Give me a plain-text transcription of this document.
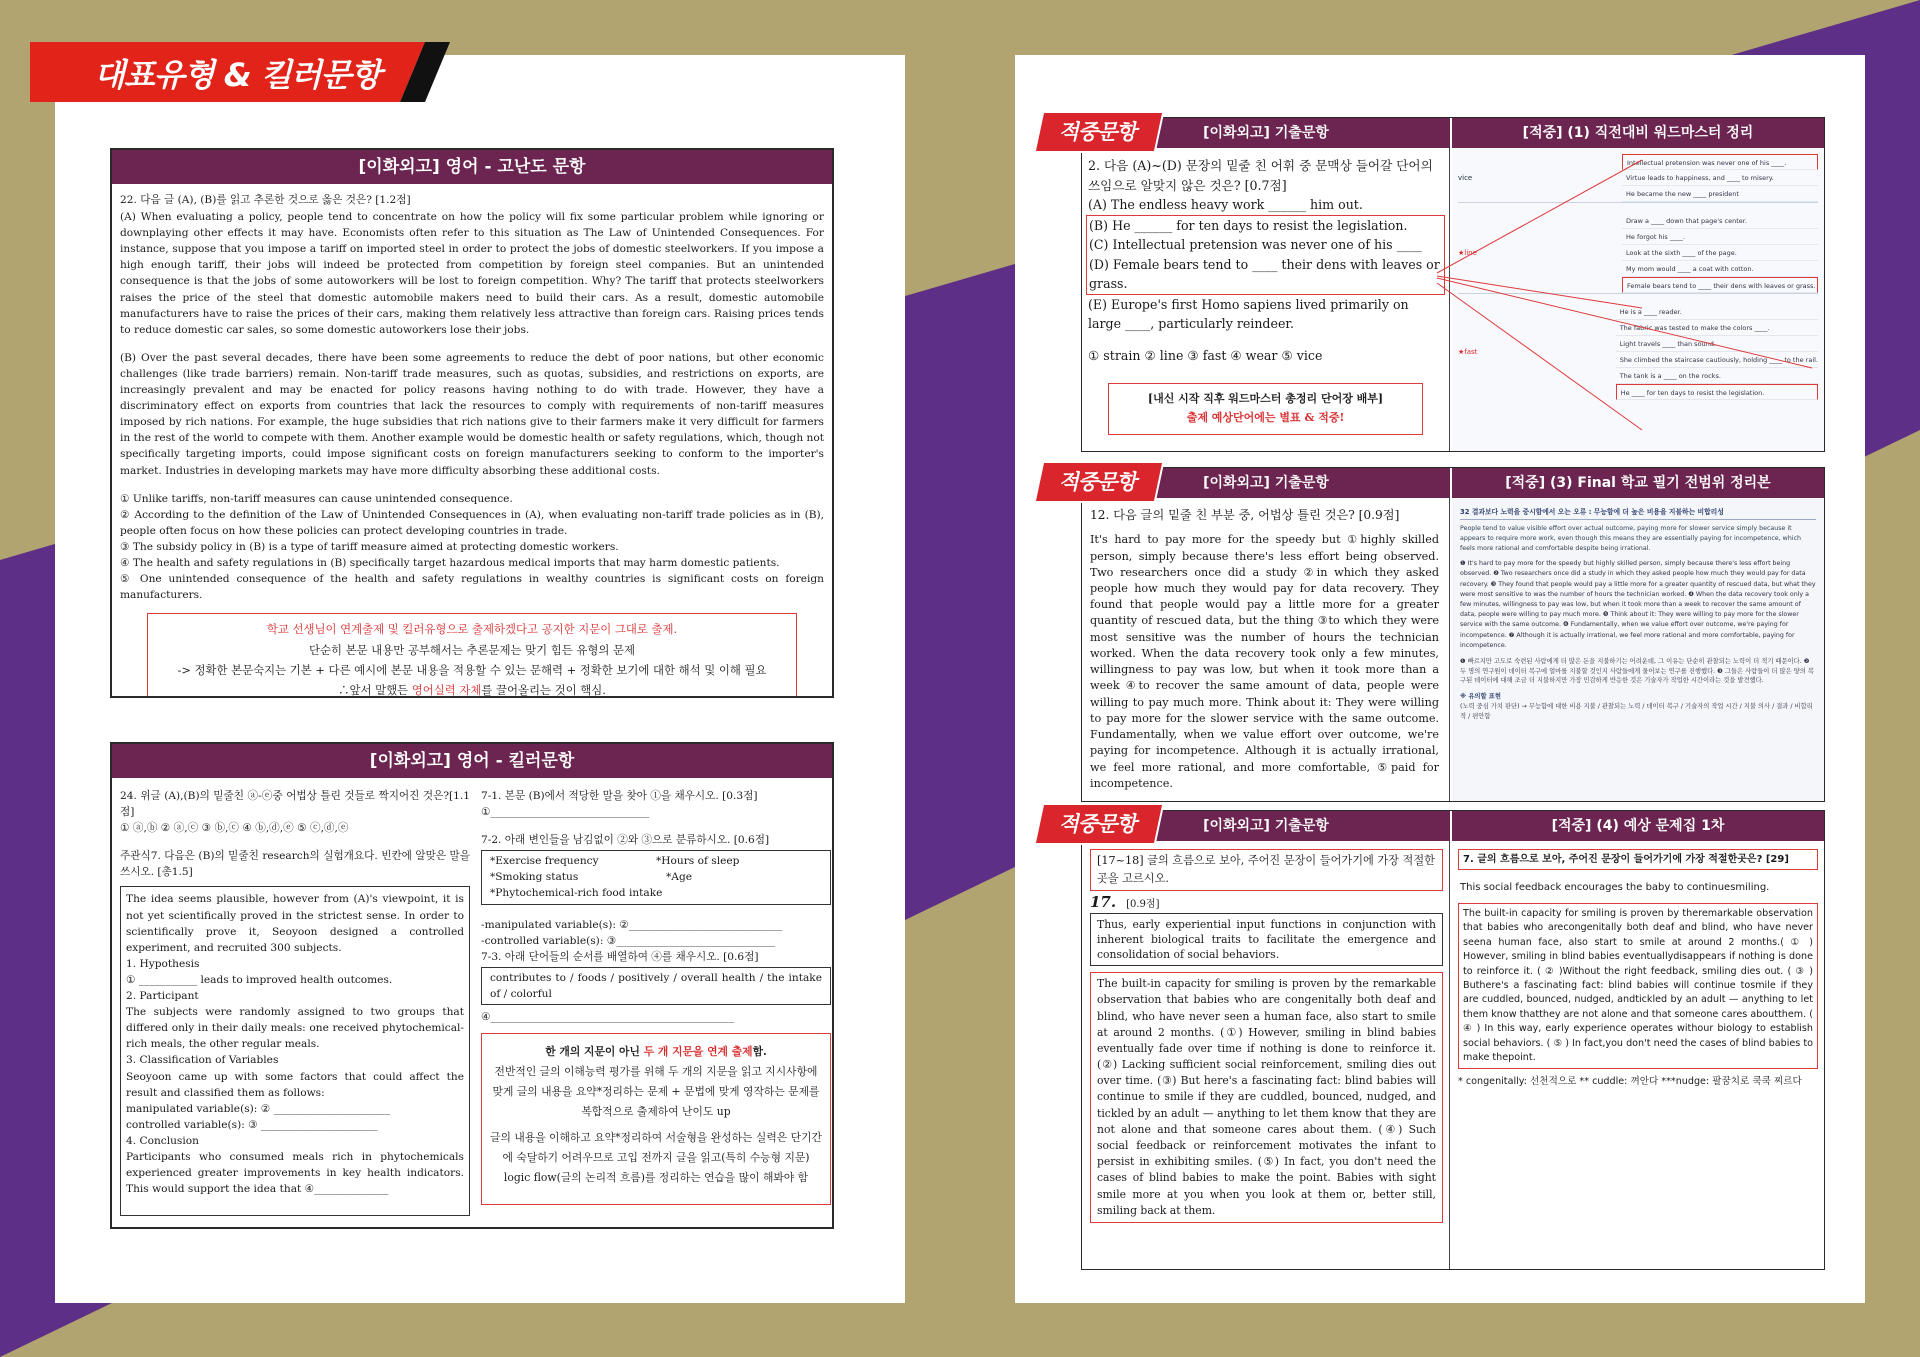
[이화외고] 영어 - 고난도 문항
22. 다음 글 (A), (B)를 읽고 추론한 것으로 옳은 것은? [1.2점]
(A) When evaluating a policy, people tend to concentrate on how the policy will fix some particular problem while ignoring or downplaying other effects it may have. Economists often refer to this situation as The Law of Unintended Consequences. For instance, suppose that you impose a tariff on imported steel in order to protect the jobs of domestic steelworkers. If you impose a high enough tariff, their jobs will indeed be protected from competition by foreign steel companies. But an unintended consequence is that the jobs of some autoworkers will be lost to foreign competition. Why? The tariff that protects steelworkers raises the price of the steel that domestic automobile makers need to build their cars. As a result, domestic automobile manufacturers have to raise the prices of their cars, making them relatively less attractive than foreign cars. Raising prices tends to reduce domestic car sales, so some domestic autoworkers lose their jobs.
(B) Over the past several decades, there have been some agreements to reduce the debt of poor nations, but other economic challenges (like trade barriers) remain. Non-tariff trade measures, such as quotas, subsidies, and restrictions on exports, are increasingly prevalent and may be enacted for policy reasons having nothing to do with trade. However, they have a discriminatory effect on exports from countries that lack the resources to comply with requirements of non-tariff measures imposed by rich nations. For example, the huge subsidies that rich nations give to their farmers make it very difficult for farmers in the rest of the world to compete with them. Another example would be domestic health or safety regulations, which, though not specifically targeting imports, could impose significant costs on foreign manufacturers seeking to conform to the importer's market. Industries in developing markets may have more difficulty absorbing these additional costs.
① Unlike tariffs, non-tariff measures can cause unintended consequence.
② According to the definition of the Law of Unintended Consequences in (A), when evaluating non-tariff trade policies as in (B), people often focus on how these policies can protect developing countries in trade.
③ The subsidy policy in (B) is a type of tariff measure aimed at protecting domestic workers.
④ The health and safety regulations in (B) specifically target hazardous medical imports that may harm domestic patients.
⑤ One unintended consequence of the health and safety regulations in wealthy countries is significant costs on foreign manufacturers.
학교 선생님이 연계출제 및 킬러유형으로 출제하겠다고 공지한 지문이 그대로 출제.
단순히 본문 내용만 공부해서는 추론문제는 맞기 힘든 유형의 문제
-> 정확한 본문숙지는 기본 + 다른 예시에 본문 내용을 적용할 수 있는 문해력 + 정확한 보기에 대한 해석 및 이해 필요
∴앞서 말했든 영어실력 자체를 끌어올리는 것이 핵심.
[이화외고] 영어 - 킬러문항
24. 위글 (A),(B)의 밑줄친 ⓐ-ⓔ중 어법상 틀린 것들로 짝지어진 것은?[1.1점]
① ⓐ,ⓑ ② ⓐ,ⓒ ③ ⓑ,ⓒ ④ ⓑ,ⓓ,ⓔ ⑤ ⓒ,ⓓ,ⓔ
주관식7. 다음은 (B)의 밑줄친 research의 실험개요다. 빈칸에 알맞은 말을 쓰시오. [총1.5]
The idea seems plausible, however from (A)'s viewpoint, it is not yet scientifically proved in the strictest sense. In order to scientifically prove it, Seoyoon designed a controlled experiment, and recruited 300 subjects.
1. Hypothesis
① ___________ leads to improved health outcomes.
2. Participant
The subjects were randomly assigned to two groups that differed only in their daily meals: one received phytochemical-rich meals, the other regular meals.
3. Classification of Variables
Seoyoon came up with some factors that could affect the result and classified them as follows:
manipulated variable(s): ② ______________________
controlled variable(s): ③ ______________________
4. Conclusion
Participants who consumed meals rich in phytochemicals experienced greater improvements in key health indicators. This would support the idea that ④______________
7-1. 본문 (B)에서 적당한 말을 찾아 ①을 채우시오. [0.3점]
①______________________________
7-2. 아래 변인들을 남김없이 ②와 ③으로 분류하시오. [0.6점]
*Exercise frequency	*Hours of sleep
*Smoking status	*Age
*Phytochemical-rich food intake
-manipulated variable(s): ②_____________________________
-controlled variable(s): ③______________________________
7-3. 아래 단어들의 순서를 배열하여 ④를 채우시오. [0.6점]
contributes to / foods / positively / overall health / the intake of / colorful
④______________________________________________
한 개의 지문이 아닌 두 개 지문을 연계 출제함.
전반적인 글의 이해능력 평가를 위해 두 개의 지문을 읽고 지시사항에 맞게 글의 내용을 요약*정리하는 문제 + 문법에 맞게 영작하는 문제를 복합적으로 출제하여 난이도 up
글의 내용을 이해하고 요약*정리하여 서술형을 완성하는 실력은 단기간에 숙달하기 어려우므로 고입 전까지 글을 읽고(특히 수능형 지문) logic flow(글의 논리적 흐름)를 정리하는 연습을 많이 해봐야 함
대표유형 & 킬러문항
[이화외고] 기출문항	[적중] (1) 직전대비 워드마스터 정리
2. 다음 (A)~(D) 문장의 밑줄 친 어휘 중 문맥상 들어갈 단어의 쓰임으로 알맞지 않은 것은? [0.7점]
(A) The endless heavy work ______ him out.
(B) He ______ for ten days to resist the legislation.
(C) Intellectual pretension was never one of his ____
(D) Female bears tend to ____ their dens with leaves or grass.
(E) Europe's first Homo sapiens lived primarily on large ____, particularly reindeer.
① strain ② line ③ fast ④ wear ⑤ vice
[내신 시작 직후 워드마스터 총정리 단어장 배부]
출제 예상단어에는 별표 & 적중!
vice
Intellectual pretension was never one of his ____.
Virtue leads to happiness, and ____ to misery.
He became the new ____ president
★line
Draw a ____ down that page's center.
He forgot his ____.
Look at the sixth ____ of the page.
My mom would ____ a coat with cotton.
Female bears tend to ____ their dens with leaves or grass.
★fast
He is a ____ reader.
The fabric was tested to make the colors ____.
Light travels ____ than sound.
She climbed the staircase cautiously, holding ____ to the rail.
The tank is a ____ on the rocks.
He ____ for ten days to resist the legislation.
적중문항
[이화외고] 기출문항	[적중] (3) Final 학교 필기 전범위 정리본
12. 다음 글의 밑줄 친 부분 중, 어법상 틀린 것은? [0.9점]
It's hard to pay more for the speedy but ①highly skilled person, simply because there's less effort being observed. Two researchers once did a study ②in which they asked people how much they would pay for data recovery. They found that people would pay a little more for a greater quantity of rescued data, but the thing ③to which they were most sensitive was the number of hours the technician worked. When the data recovery took only a few minutes, willingness to pay was low, but when it took more than a week ④to recover the same amount of data, people were willing to pay much more. Think about it: They were willing to pay more for the slower service with the same outcome. Fundamentally, when we value effort over outcome, we're paying for incompetence. Although it is actually irrational, we feel more rational, and more comfortable, ⑤paid for incompetence.
32 결과보다 노력을 중시함에서 오는 오류 : 무능함에 더 높은 비용을 지불하는 비합리성
People tend to value visible effort over actual outcome, paying more for slower service simply because it appears to require more work, even though this means they are essentially paying for incompetence, which feels more rational and comfortable despite being irrational.
❶ It's hard to pay more for the speedy but highly skilled person, simply because there's less effort being observed. ❷ Two researchers once did a study in which they asked people how much they would pay for data recovery. ❸ They found that people would pay a little more for a greater quantity of rescued data, but what they were most sensitive to was the number of hours the technician worked. ❹ When the data recovery took only a few minutes, willingness to pay was low, but when it took more than a week to recover the same amount of data, people were willing to pay much more. ❺ Think about it: They were willing to pay more for the slower service with the same outcome. ❻ Fundamentally, when we value effort over outcome, we're paying for incompetence. ❼ Although it is actually irrational, we feel more rational and more comfortable, paying for incompetence.
❶ 빠르지만 고도로 숙련된 사람에게 더 많은 돈을 지불하기는 어려운데, 그 이유는 단순히 관찰되는 노력이 더 적기 때문이다. ❷ 두 명의 연구원이 데이터 복구에 얼마를 지불할 것인지 사람들에게 물어보는 연구를 진행했다. ❸ 그들은 사람들이 더 많은 양의 복구된 데이터에 대해 조금 더 지불하지만 가장 민감하게 반응한 것은 기술자가 작업한 시간이라는 것을 발견했다.
※ 유의할 표현
(노력 중심 가치 판단) → 무능함에 대한 비용 지불 / 관찰되는 노력 / 데이터 복구 / 기술자의 작업 시간 / 지불 의사 / 결과 / 비합리적 / 편안함
적중문항
[이화외고] 기출문항	[적중] (4) 예상 문제집 1차
[17~18] 글의 흐름으로 보아, 주어진 문장이 들어가기에 가장 적절한 곳을 고르시오.
17. [0.9점]
Thus, early experiential input functions in conjunction with inherent biological traits to facilitate the emergence and consolidation of social behaviors.
The built-in capacity for smiling is proven by the remarkable observation that babies who are congenitally both deaf and blind, who have never seen a human face, also start to smile at around 2 months. (①) However, smiling in blind babies eventually fade over time if nothing is done to reinforce it. (②) Lacking sufficient social reinforcement, smiling dies out over time. (③) But here's a fascinating fact: blind babies will continue to smile if they are cuddled, bounced, nudged, and tickled by an adult — anything to let them know that they are not alone and that someone cares about them. (④) Such social feedback or reinforcement motivates the infant to persist in exhibiting smiles. (⑤) In fact, you don't need the cases of blind babies to make the point. Babies with sight smile more at you when you look at them or, better still, smiling back at them.
7. 글의 흐름으로 보아, 주어진 문장이 들어가기에 가장 적절한곳은? [29]
This social feedback encourages the baby to continuesmiling.
The built-in capacity for smiling is proven by theremarkable observation that babies who arecongenitally both deaf and blind, who have never seena human face, also start to smile at around 2 months.( ① ) However, smiling in blind babies eventuallydisappears if nothing is done to reinforce it. ( ② )Without the right feedback, smiling dies out. ( ③ ) Buthere's a fascinating fact: blind babies will continue tosmile if they are cuddled, bounced, nudged, andtickled by an adult — anything to let them know thatthey are not alone and that someone cares aboutthem. ( ④ ) In this way, early experience operates withour biology to establish social behaviors. ( ⑤ ) In fact,you don't need the cases of blind babies to make thepoint.
* congenitally: 선천적으로 ** cuddle: 껴안다 ***nudge: 팔꿈치로 쿡쿡 찌르다
적중문항
